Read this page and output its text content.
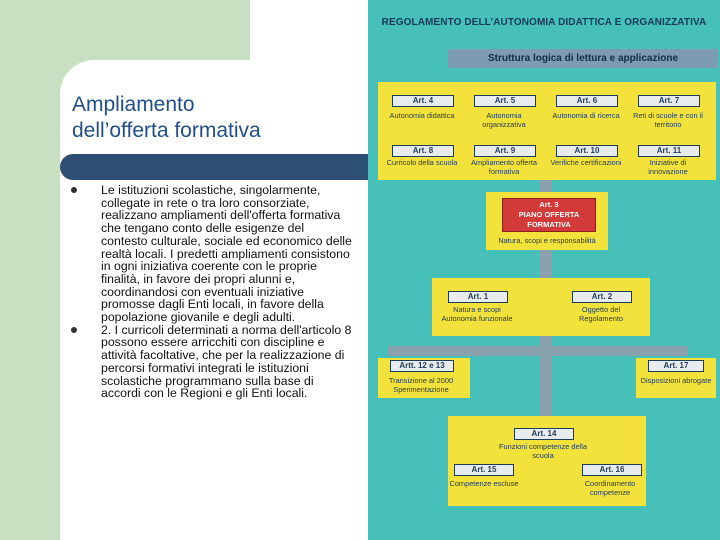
Ampliamento
dell’offerta formativa
Le istituzioni scolastiche, singolarmente, collegate in rete o tra loro consorziate, realizzano ampliamenti dell'offerta formativa che tengano conto delle esigenze del contesto culturale, sociale ed economico delle realtà locali. I predetti ampliamenti consistono in ogni iniziativa coerente con le proprie finalità, in favore dei propri alunni e, coordinandosi con eventuali iniziative promosse dagli Enti locali, in favore della popolazione giovanile e degli adulti.
2. I curricoli determinati a norma dell'articolo 8 possono essere arricchiti con discipline e attività facoltative, che per la realizzazione di percorsi formativi integrati le istituzioni scolastiche programmano sulla base di accordi con le Regioni e gli Enti locali.
REGOLAMENTO DELL’AUTONOMIA DIDATTICA E ORGANIZZATIVA
Struttura logica di lettura e applicazione
Art. 4
Autonomia didattica
Art. 5
Autonomia organizzativa
Art. 6
Autonomia di ricerca
Art. 7
Reti di scuole e con il territorio
Art. 8
Curricolo della scuola
Art. 9
Ampliamento offerta formativa
Art. 10
Verifiche certificazioni
Art. 11
Iniziative di innovazione
Art. 3
PIANO OFFERTA FORMATIVA
Natura, scopi e responsabilità
Art. 1
Natura e scopi Autonomia funzionale
Art. 2
Oggetto del Regolamento
Artt. 12 e 13
Transizione al 2000 Sperimentazione
Art. 17
Disposizioni abrogate
Art. 14
Funzioni competenze della scuola
Art. 15
Competenze escluse
Art. 16
Coordinamento competenze
